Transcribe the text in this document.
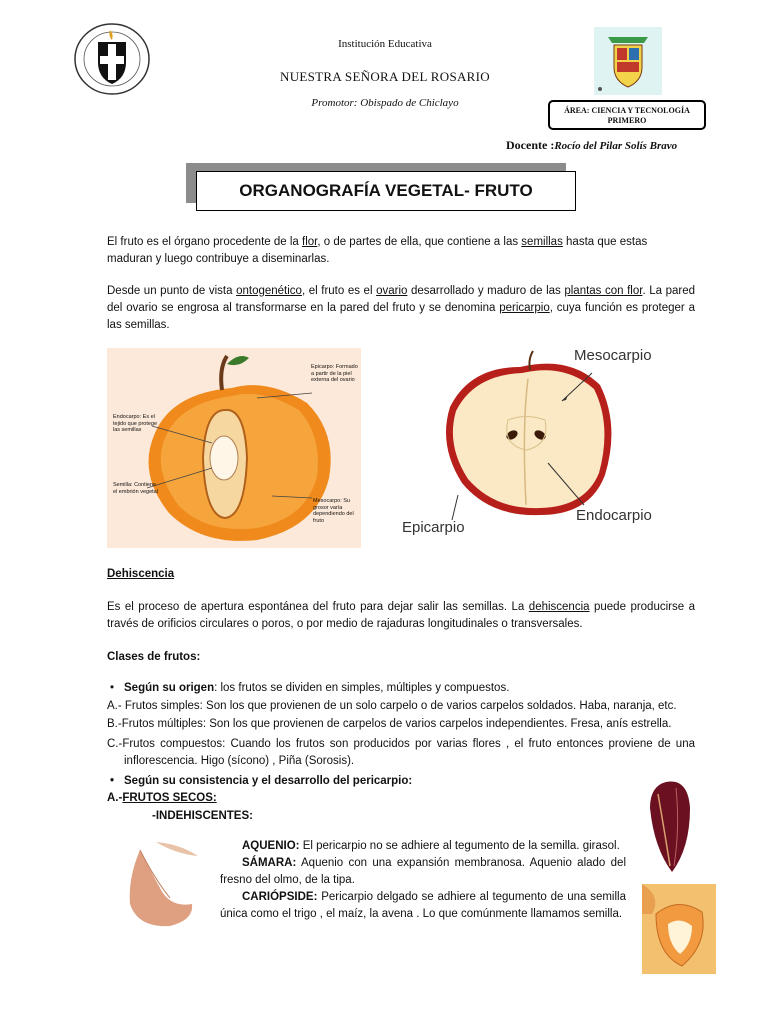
Institución Educativa
NUESTRA SEÑORA DEL ROSARIO
Promotor: Obispado de Chiclayo
ÁREA: CIENCIA Y TECNOLOGÍA
PRIMERO
Docente :Rocío del Pilar Solís Bravo
ORGANOGRAFÍA VEGETAL- FRUTO

El fruto es el órgano procedente de la flor, o de partes de ella, que contiene a las semillas hasta que estas maduran y luego contribuye a diseminarlas.

Desde un punto de vista ontogenético, el fruto es el ovario desarrollado y maduro de las plantas con flor. La pared del ovario se engrosa al transformarse en la pared del fruto y se denomina pericarpio, cuya función es proteger a las semillas.

Epicarpo: Formado a partir de la piel externa del ovario
Endocarpo: Es el tejido que protege las semillas
Semilla: Contiene el embrión vegetal
Mesocarpo: Su grosor varía dependiendo del fruto
Mesocarpio
Endocarpio
Epicarpio
Dehiscencia

Es el proceso de apertura espontánea del fruto para dejar salir las semillas. La dehiscencia puede producirse a través de orificios circulares o poros, o por medio de rajaduras longitudinales o transversales.

Clases de frutos:
• Según su origen: los frutos se dividen en simples, múltiples y compuestos.
A.- Frutos simples: Son los que provienen de un solo carpelo o de varios carpelos soldados. Haba, naranja, etc.
B.-Frutos múltiples: Son los que provienen de carpelos de varios carpelos independientes. Fresa, anís estrella.
C.-Frutos compuestos: Cuando los frutos son producidos por varias flores , el fruto entonces proviene de una inflorescencia. Higo (sícono) , Piña (Sorosis).
• Según su consistencia y el desarrollo del pericarpio:
A.-FRUTOS SECOS:
-INDEHISCENTES:
AQUENIO: El pericarpio no se adhiere al tegumento de la semilla. girasol.
SÁMARA: Aquenio con una expansión membranosa. Aquenio alado del fresno del olmo, de la tipa.
CARIÓPSIDE: Pericarpio delgado se adhiere al tegumento de una semilla única como el trigo , el maíz, la avena . Lo que comúnmente llamamos semilla.
